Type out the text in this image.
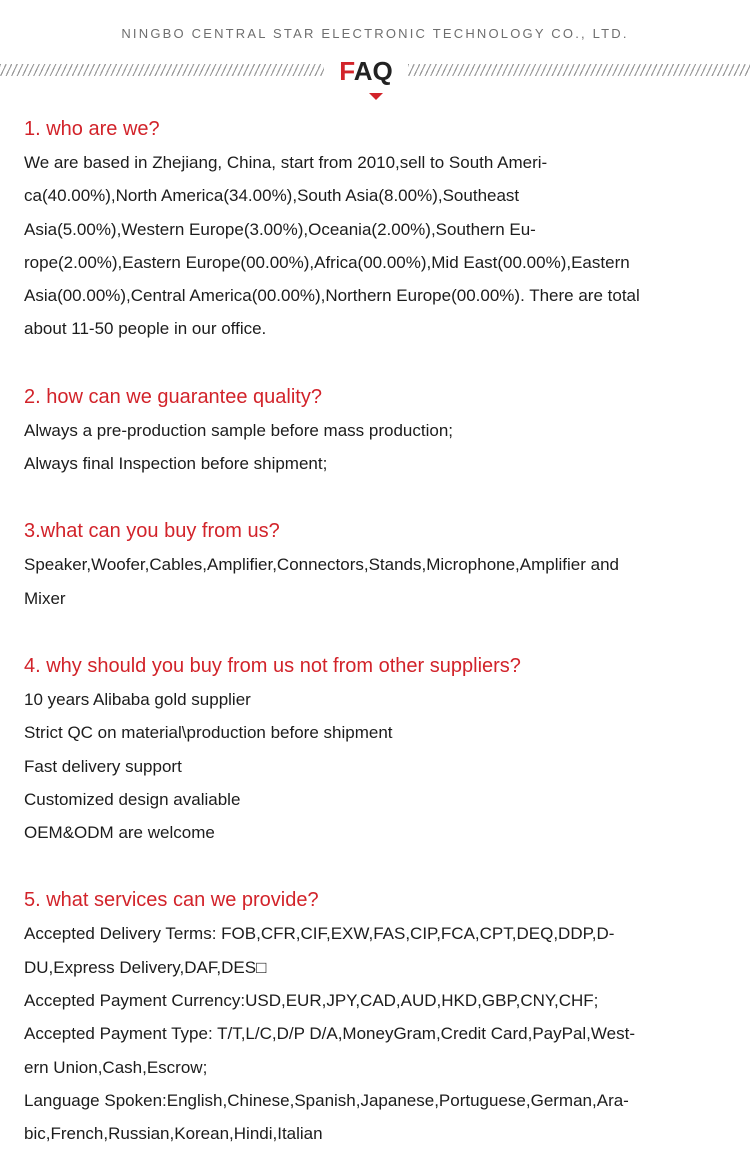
NINGBO CENTRAL STAR ELECTRONIC TECHNOLOGY CO., LTD.
FAQ

1. who are we?

We are based in Zhejiang, China, start from 2010,sell to South Ameri-

ca(40.00%),North America(34.00%),South Asia(8.00%),Southeast

Asia(5.00%),Western Europe(3.00%),Oceania(2.00%),Southern Eu-

rope(2.00%),Eastern Europe(00.00%),Africa(00.00%),Mid East(00.00%),Eastern

Asia(00.00%),Central America(00.00%),Northern Europe(00.00%). There are total

about 11-50 people in our office.

2. how can we guarantee quality?

Always a pre-production sample before mass production;

Always final Inspection before shipment;

3.what can you buy from us?

Speaker,Woofer,Cables,Amplifier,Connectors,Stands,Microphone,Amplifier and

Mixer

4. why should you buy from us not from other suppliers?

10 years Alibaba gold supplier

Strict QC on material\production before shipment

Fast delivery support

Customized design avaliable

OEM&ODM are welcome

5. what services can we provide?

Accepted Delivery Terms: FOB,CFR,CIF,EXW,FAS,CIP,FCA,CPT,DEQ,DDP,D-

DU,Express Delivery,DAF,DES□

Accepted Payment Currency:USD,EUR,JPY,CAD,AUD,HKD,GBP,CNY,CHF;

Accepted Payment Type: T/T,L/C,D/P D/A,MoneyGram,Credit Card,PayPal,West-

ern Union,Cash,Escrow;

Language Spoken:English,Chinese,Spanish,Japanese,Portuguese,German,Ara-

bic,French,Russian,Korean,Hindi,Italian
